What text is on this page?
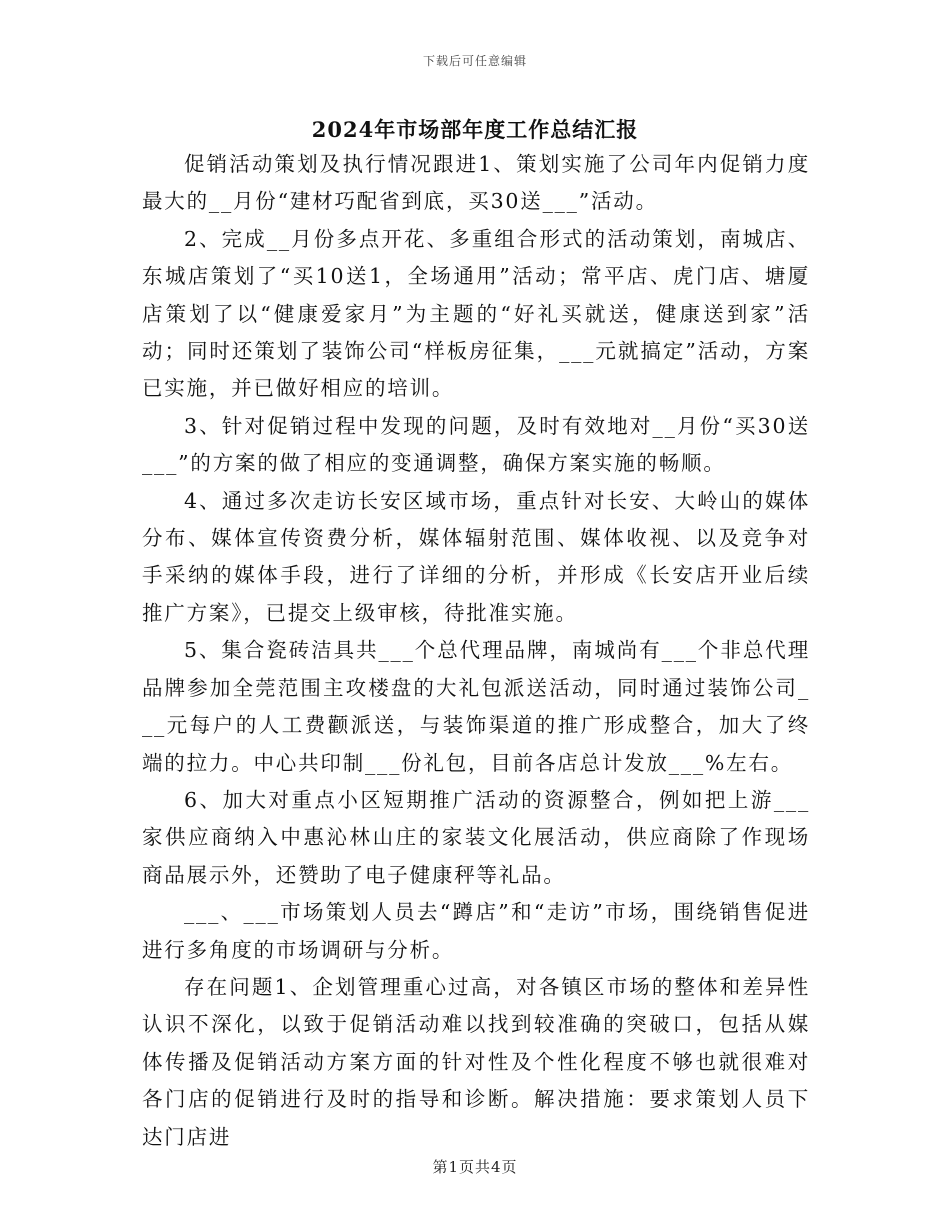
下载后可任意编辑
2024年市场部年度工作总结汇报

促销活动策划及执行情况跟进1、策划实施了公司年内促销力度最大的__月份“建材巧配省到底，买30送___”活动。

2、完成__月份多点开花、多重组合形式的活动策划，南城店、东城店策划了“买10送1，全场通用”活动；常平店、虎门店、塘厦店策划了以“健康爱家月”为主题的“好礼买就送，健康送到家”活动；同时还策划了装饰公司“样板房征集，___元就搞定”活动，方案已实施，并已做好相应的培训。

3、针对促销过程中发现的问题，及时有效地对__月份“买30送___”的方案的做了相应的变通调整，确保方案实施的畅顺。

4、通过多次走访长安区域市场，重点针对长安、大岭山的媒体分布、媒体宣传资费分析，媒体辐射范围、媒体收视、以及竞争对手采纳的媒体手段，进行了详细的分析，并形成《长安店开业后续推广方案》，已提交上级审核，待批准实施。

5、集合瓷砖洁具共___个总代理品牌，南城尚有___个非总代理品牌参加全莞范围主攻楼盘的大礼包派送活动，同时通过装饰公司___元每户的人工费颧派送，与装饰渠道的推广形成整合，加大了终端的拉力。中心共印制___份礼包，目前各店总计发放___%左右。

6、加大对重点小区短期推广活动的资源整合，例如把上游___家供应商纳入中惠沁林山庄的家装文化展活动，供应商除了作现场商品展示外，还赞助了电子健康秤等礼品。

___、___市场策划人员去“蹲店”和“走访”市场，围绕销售促进进行多角度的市场调研与分析。

存在问题1、企划管理重心过高，对各镇区市场的整体和差异性认识不深化，以致于促销活动难以找到较准确的突破口，包括从媒体传播及促销活动方案方面的针对性及个性化程度不够也就很难对各门店的促销进行及时的指导和诊断。解决措施：要求策划人员下达门店进

第1页共4页
